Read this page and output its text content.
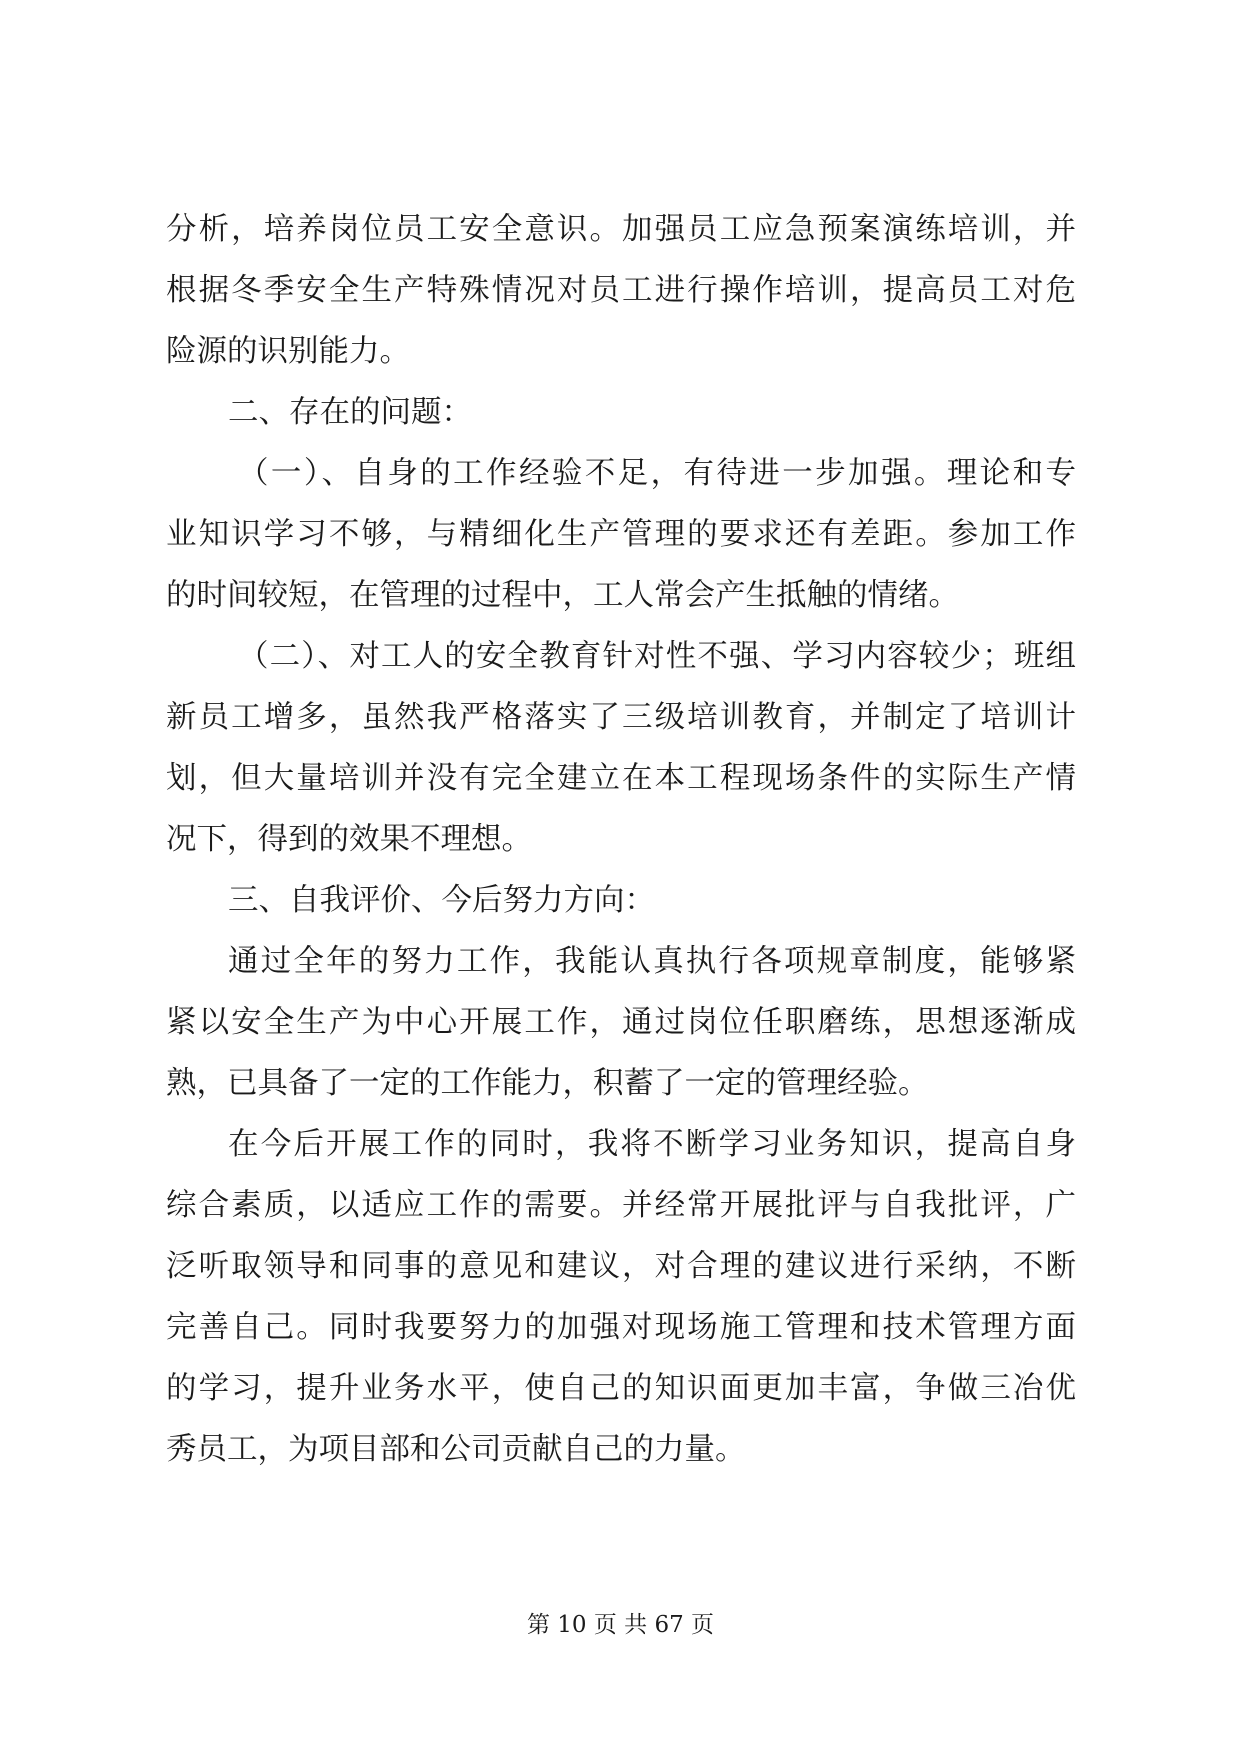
分析，培养岗位员工安全意识。加强员工应急预案演练培训，并
根据冬季安全生产特殊情况对员工进行操作培训，提高员工对危
险源的识别能力。
二、存在的问题：
（一）、自身的工作经验不足，有待进一步加强。理论和专
业知识学习不够，与精细化生产管理的要求还有差距。参加工作
的时间较短，在管理的过程中，工人常会产生抵触的情绪。
（二）、对工人的安全教育针对性不强、学习内容较少；班组
新员工增多，虽然我严格落实了三级培训教育，并制定了培训计
划，但大量培训并没有完全建立在本工程现场条件的实际生产情
况下，得到的效果不理想。
三、自我评价、今后努力方向：
通过全年的努力工作，我能认真执行各项规章制度，能够紧
紧以安全生产为中心开展工作，通过岗位任职磨练，思想逐渐成
熟，已具备了一定的工作能力，积蓄了一定的管理经验。
在今后开展工作的同时，我将不断学习业务知识，提高自身
综合素质，以适应工作的需要。并经常开展批评与自我批评，广
泛听取领导和同事的意见和建议，对合理的建议进行采纳，不断
完善自己。同时我要努力的加强对现场施工管理和技术管理方面
的学习，提升业务水平，使自己的知识面更加丰富，争做三冶优
秀员工，为项目部和公司贡献自己的力量。
第 10 页 共 67 页
